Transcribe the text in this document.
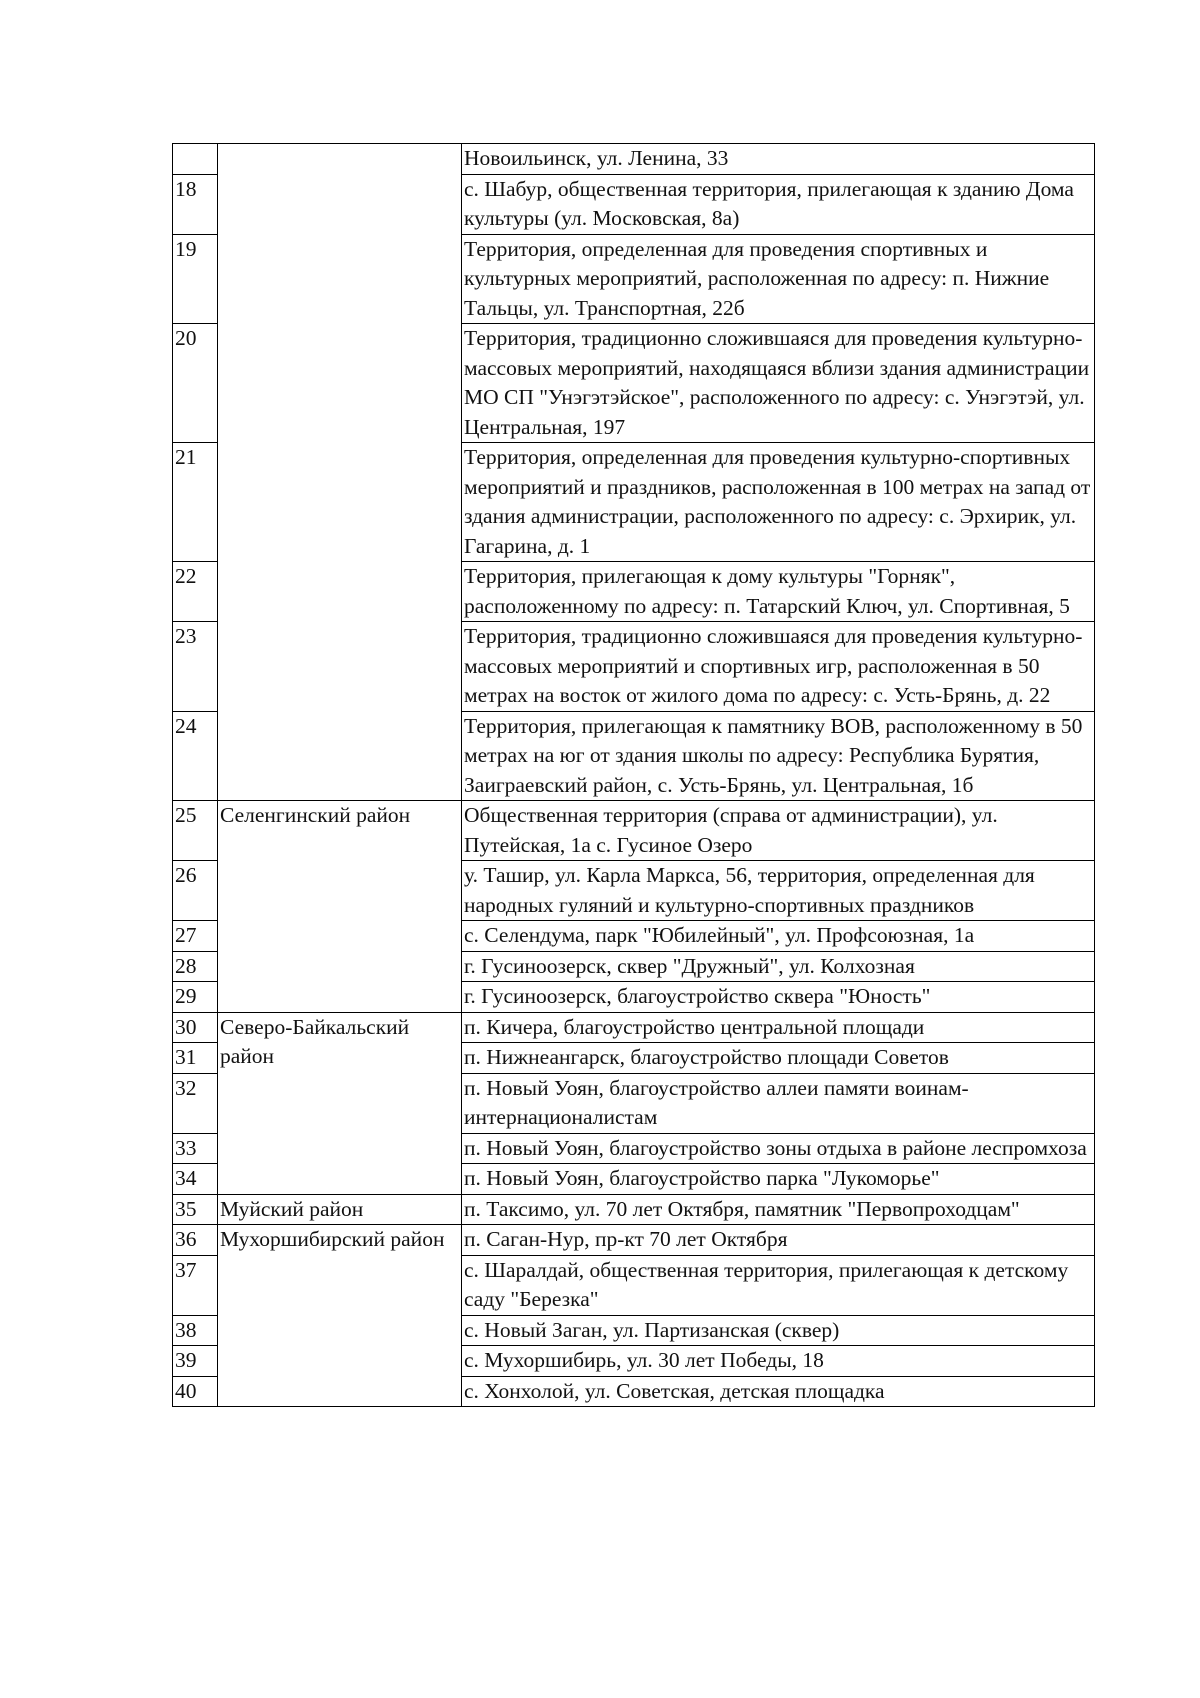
		Новоильинск, ул. Ленина, 33
18		с. Шабур, общественная территория, прилегающая к зданию Дома культуры (ул. Московская, 8а)
19		Территория, определенная для проведения спортивных и культурных мероприятий, расположенная по адресу: п. Нижние Тальцы, ул. Транспортная, 22б
20		Территория, традиционно сложившаяся для проведения культурно-массовых мероприятий, находящаяся вблизи здания администрации МО СП "Унэгэтэйское", расположенного по адресу: с. Унэгэтэй, ул. Центральная, 197
21		Территория, определенная для проведения культурно-спортивных мероприятий и праздников, расположенная в 100 метрах на запад от здания администрации, расположенного по адресу: с. Эрхирик, ул. Гагарина, д. 1
22		Территория, прилегающая к дому культуры "Горняк", расположенному по адресу: п. Татарский Ключ, ул. Спортивная, 5
23		Территория, традиционно сложившаяся для проведения культурно-массовых мероприятий и спортивных игр, расположенная в 50 метрах на восток от жилого дома по адресу: с. Усть-Брянь, д. 22
24		Территория, прилегающая к памятнику ВОВ, расположенному в 50 метрах на юг от здания школы по адресу: Республика Бурятия, Заиграевский район, с. Усть-Брянь, ул. Центральная, 1б
25	Селенгинский район	Общественная территория (справа от администрации), ул. Путейская, 1а с. Гусиное Озеро
26		у. Ташир, ул. Карла Маркса, 56, территория, определенная для народных гуляний и культурно-спортивных праздников
27		с. Селендума, парк "Юбилейный", ул. Профсоюзная, 1а
28		г. Гусиноозерск, сквер "Дружный", ул. Колхозная
29		г. Гусиноозерск, благоустройство сквера "Юность"
30	Северо-Байкальский район	п. Кичера, благоустройство центральной площади
31		п. Нижнеангарск, благоустройство площади Советов
32		п. Новый Уоян, благоустройство аллеи памяти воинам-интернационалистам
33		п. Новый Уоян, благоустройство зоны отдыха в районе леспромхоза
34		п. Новый Уоян, благоустройство парка "Лукоморье"
35	Муйский район	п. Таксимо, ул. 70 лет Октября, памятник "Первопроходцам"
36	Мухоршибирский район	п. Саган-Нур, пр-кт 70 лет Октября
37		с. Шаралдай, общественная территория, прилегающая к детскому саду "Березка"
38		с. Новый Заган, ул. Партизанская (сквер)
39		с. Мухоршибирь, ул. 30 лет Победы, 18
40		с. Хонхолой, ул. Советская, детская площадка
